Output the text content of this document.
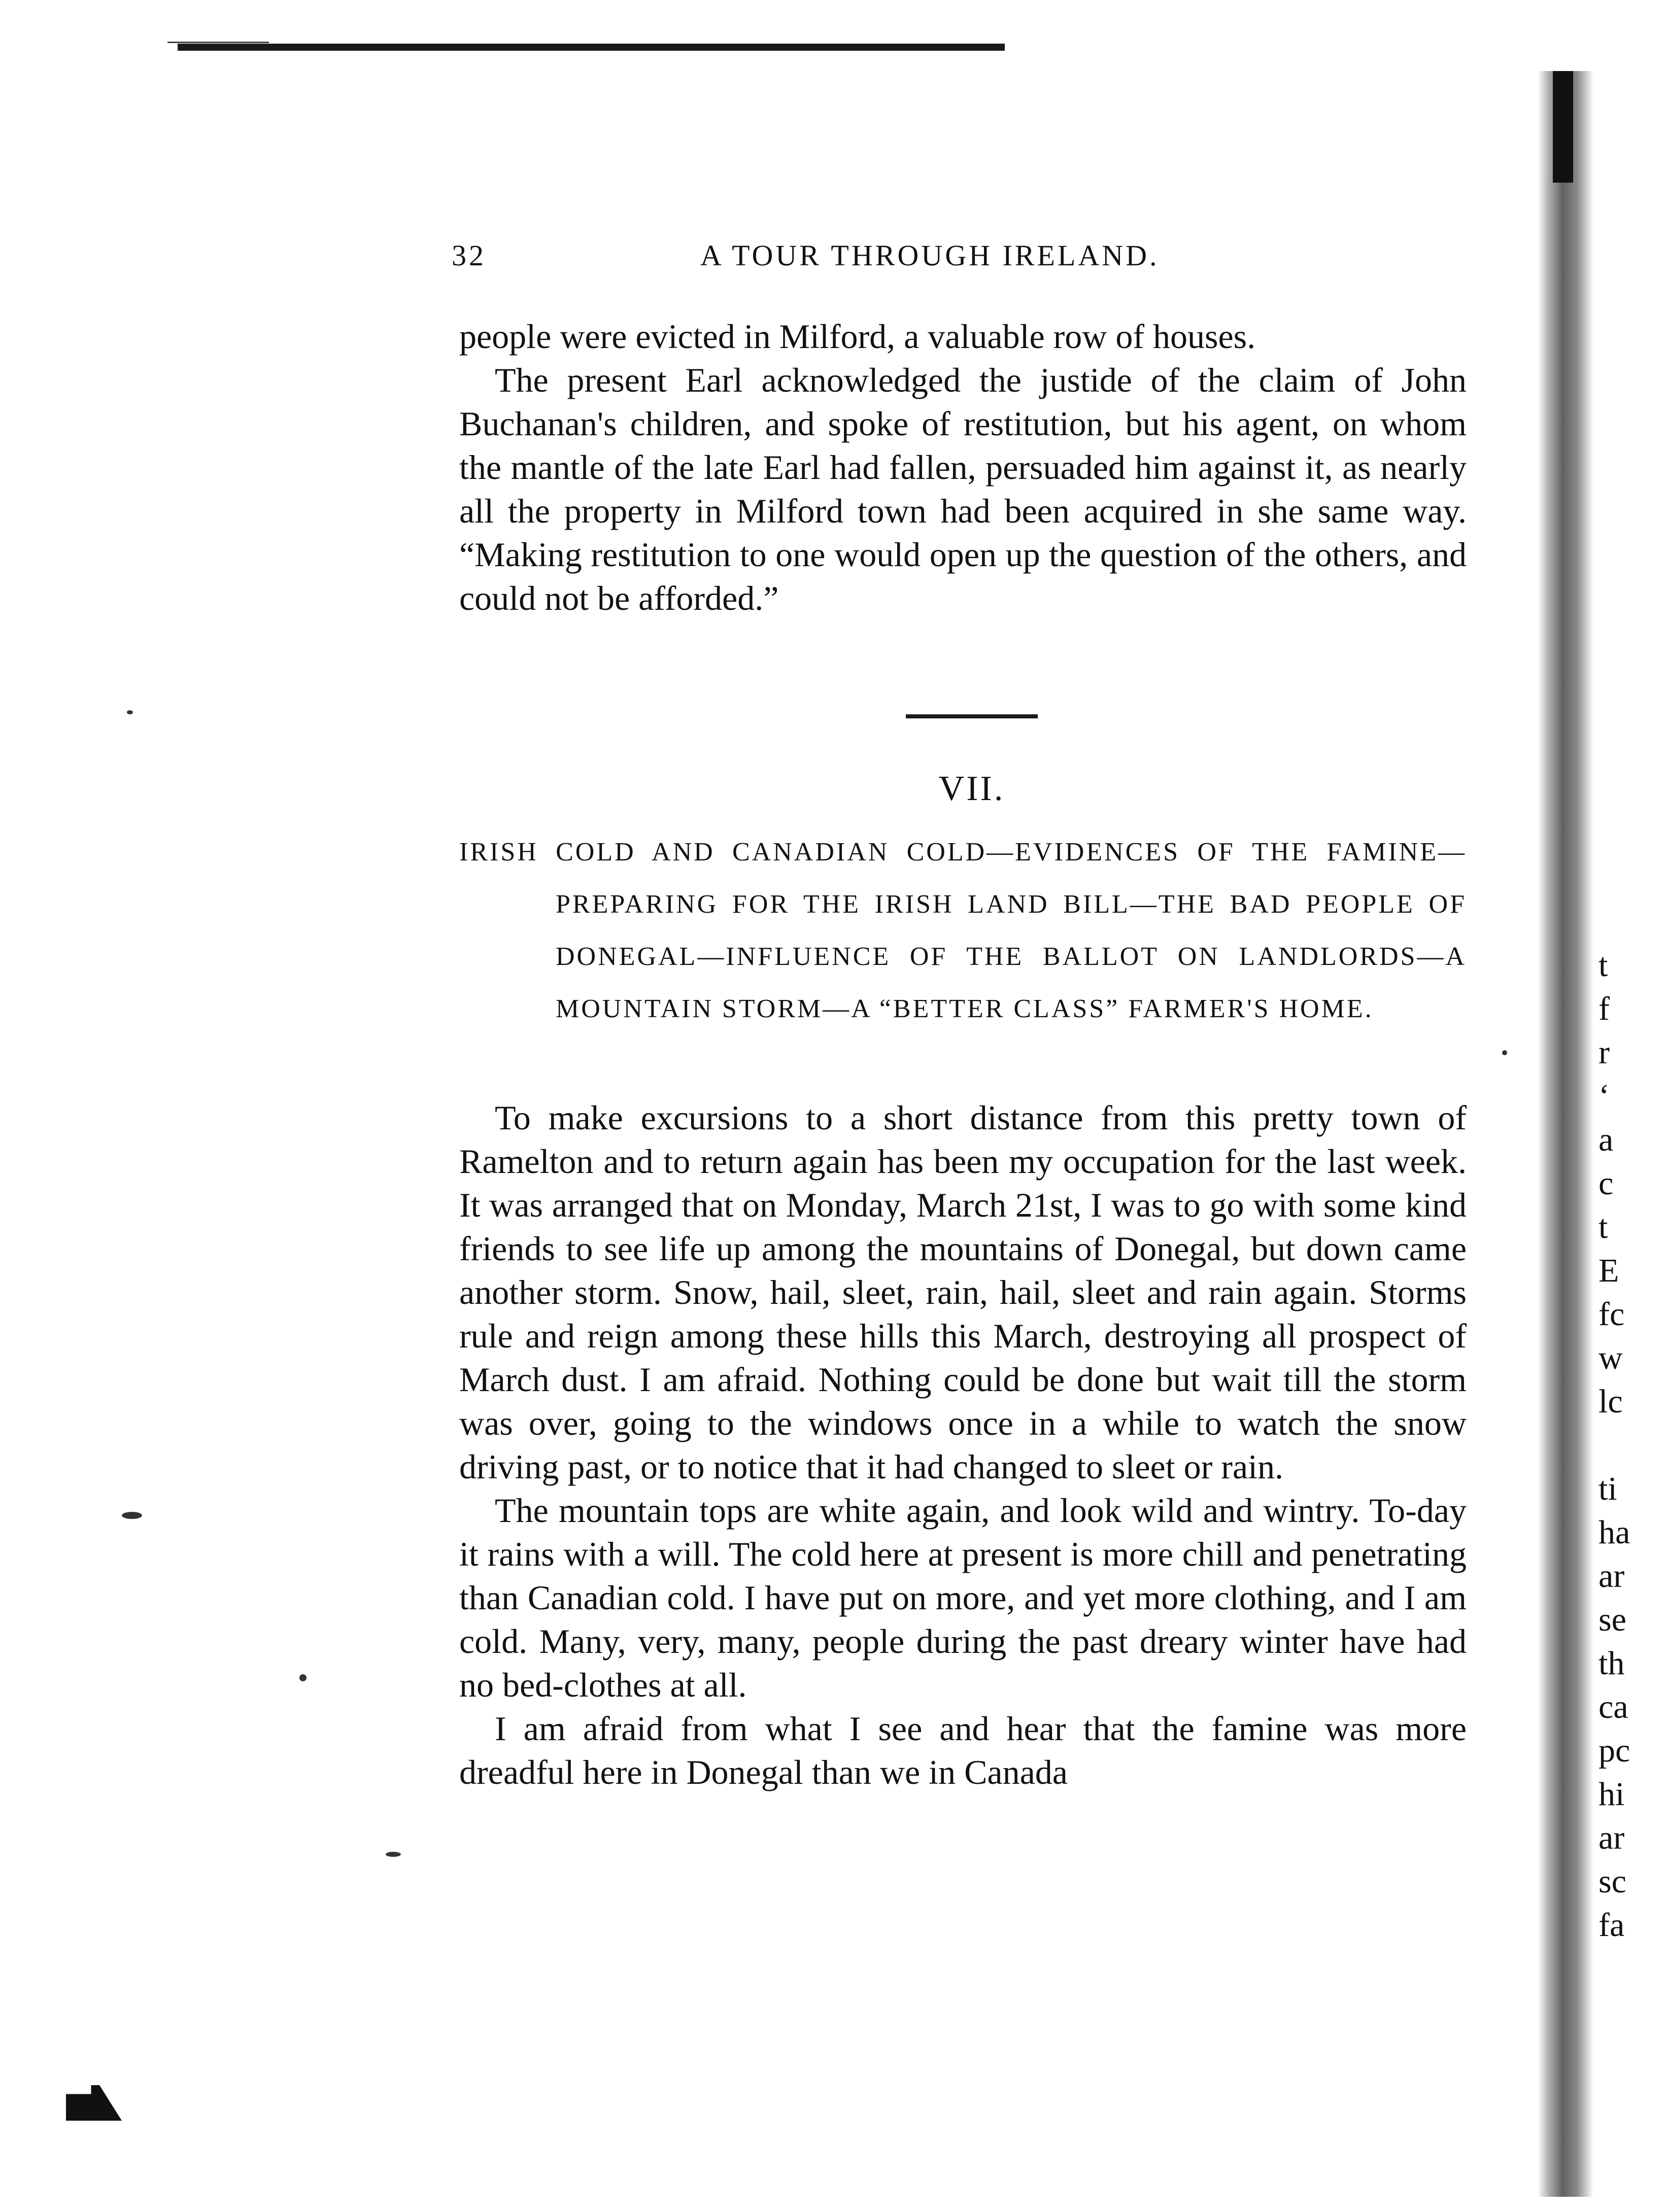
32	A TOUR THROUGH IRELAND.

people were evicted in Milford, a valuable row of houses.

The present Earl acknowledged the justide of the claim of John Buchanan's children, and spoke of restitution, but his agent, on whom the mantle of the late Earl had fallen, persuaded him against it, as nearly all the property in Milford town had been acquired in she same way. “Making restitution to one would open up the question of the others, and could not be afforded.”

VII.
IRISH COLD AND CANADIAN COLD—EVIDENCES OF THE FAMINE—PREPARING FOR THE IRISH LAND BILL—THE BAD PEOPLE OF DONEGAL—INFLUENCE OF THE BALLOT ON LANDLORDS—A MOUNTAIN STORM—A “BETTER CLASS” FARMER'S HOME.

To make excursions to a short distance from this pretty town of Ramelton and to return again has been my occupation for the last week. It was arranged that on Monday, March 21st, I was to go with some kind friends to see life up among the mountains of Donegal, but down came another storm. Snow, hail, sleet, rain, hail, sleet and rain again. Storms rule and reign among these hills this March, destroying all prospect of March dust. I am afraid. Nothing could be done but wait till the storm was over, going to the windows once in a while to watch the snow driving past, or to notice that it had changed to sleet or rain.

The mountain tops are white again, and look wild and wintry. To-day it rains with a will. The cold here at present is more chill and penetrating than Canadian cold. I have put on more, and yet more clothing, and I am cold. Many, very, many, people during the past dreary winter have had no bed-clothes at all.

I am afraid from what I see and hear that the famine was more dreadful here in Donegal than we in Canada

t
f
r
‘
a
c
t
E
fc
w
lc
ti
ha
ar
se
th
ca
pc
hi
ar
sc
fa
